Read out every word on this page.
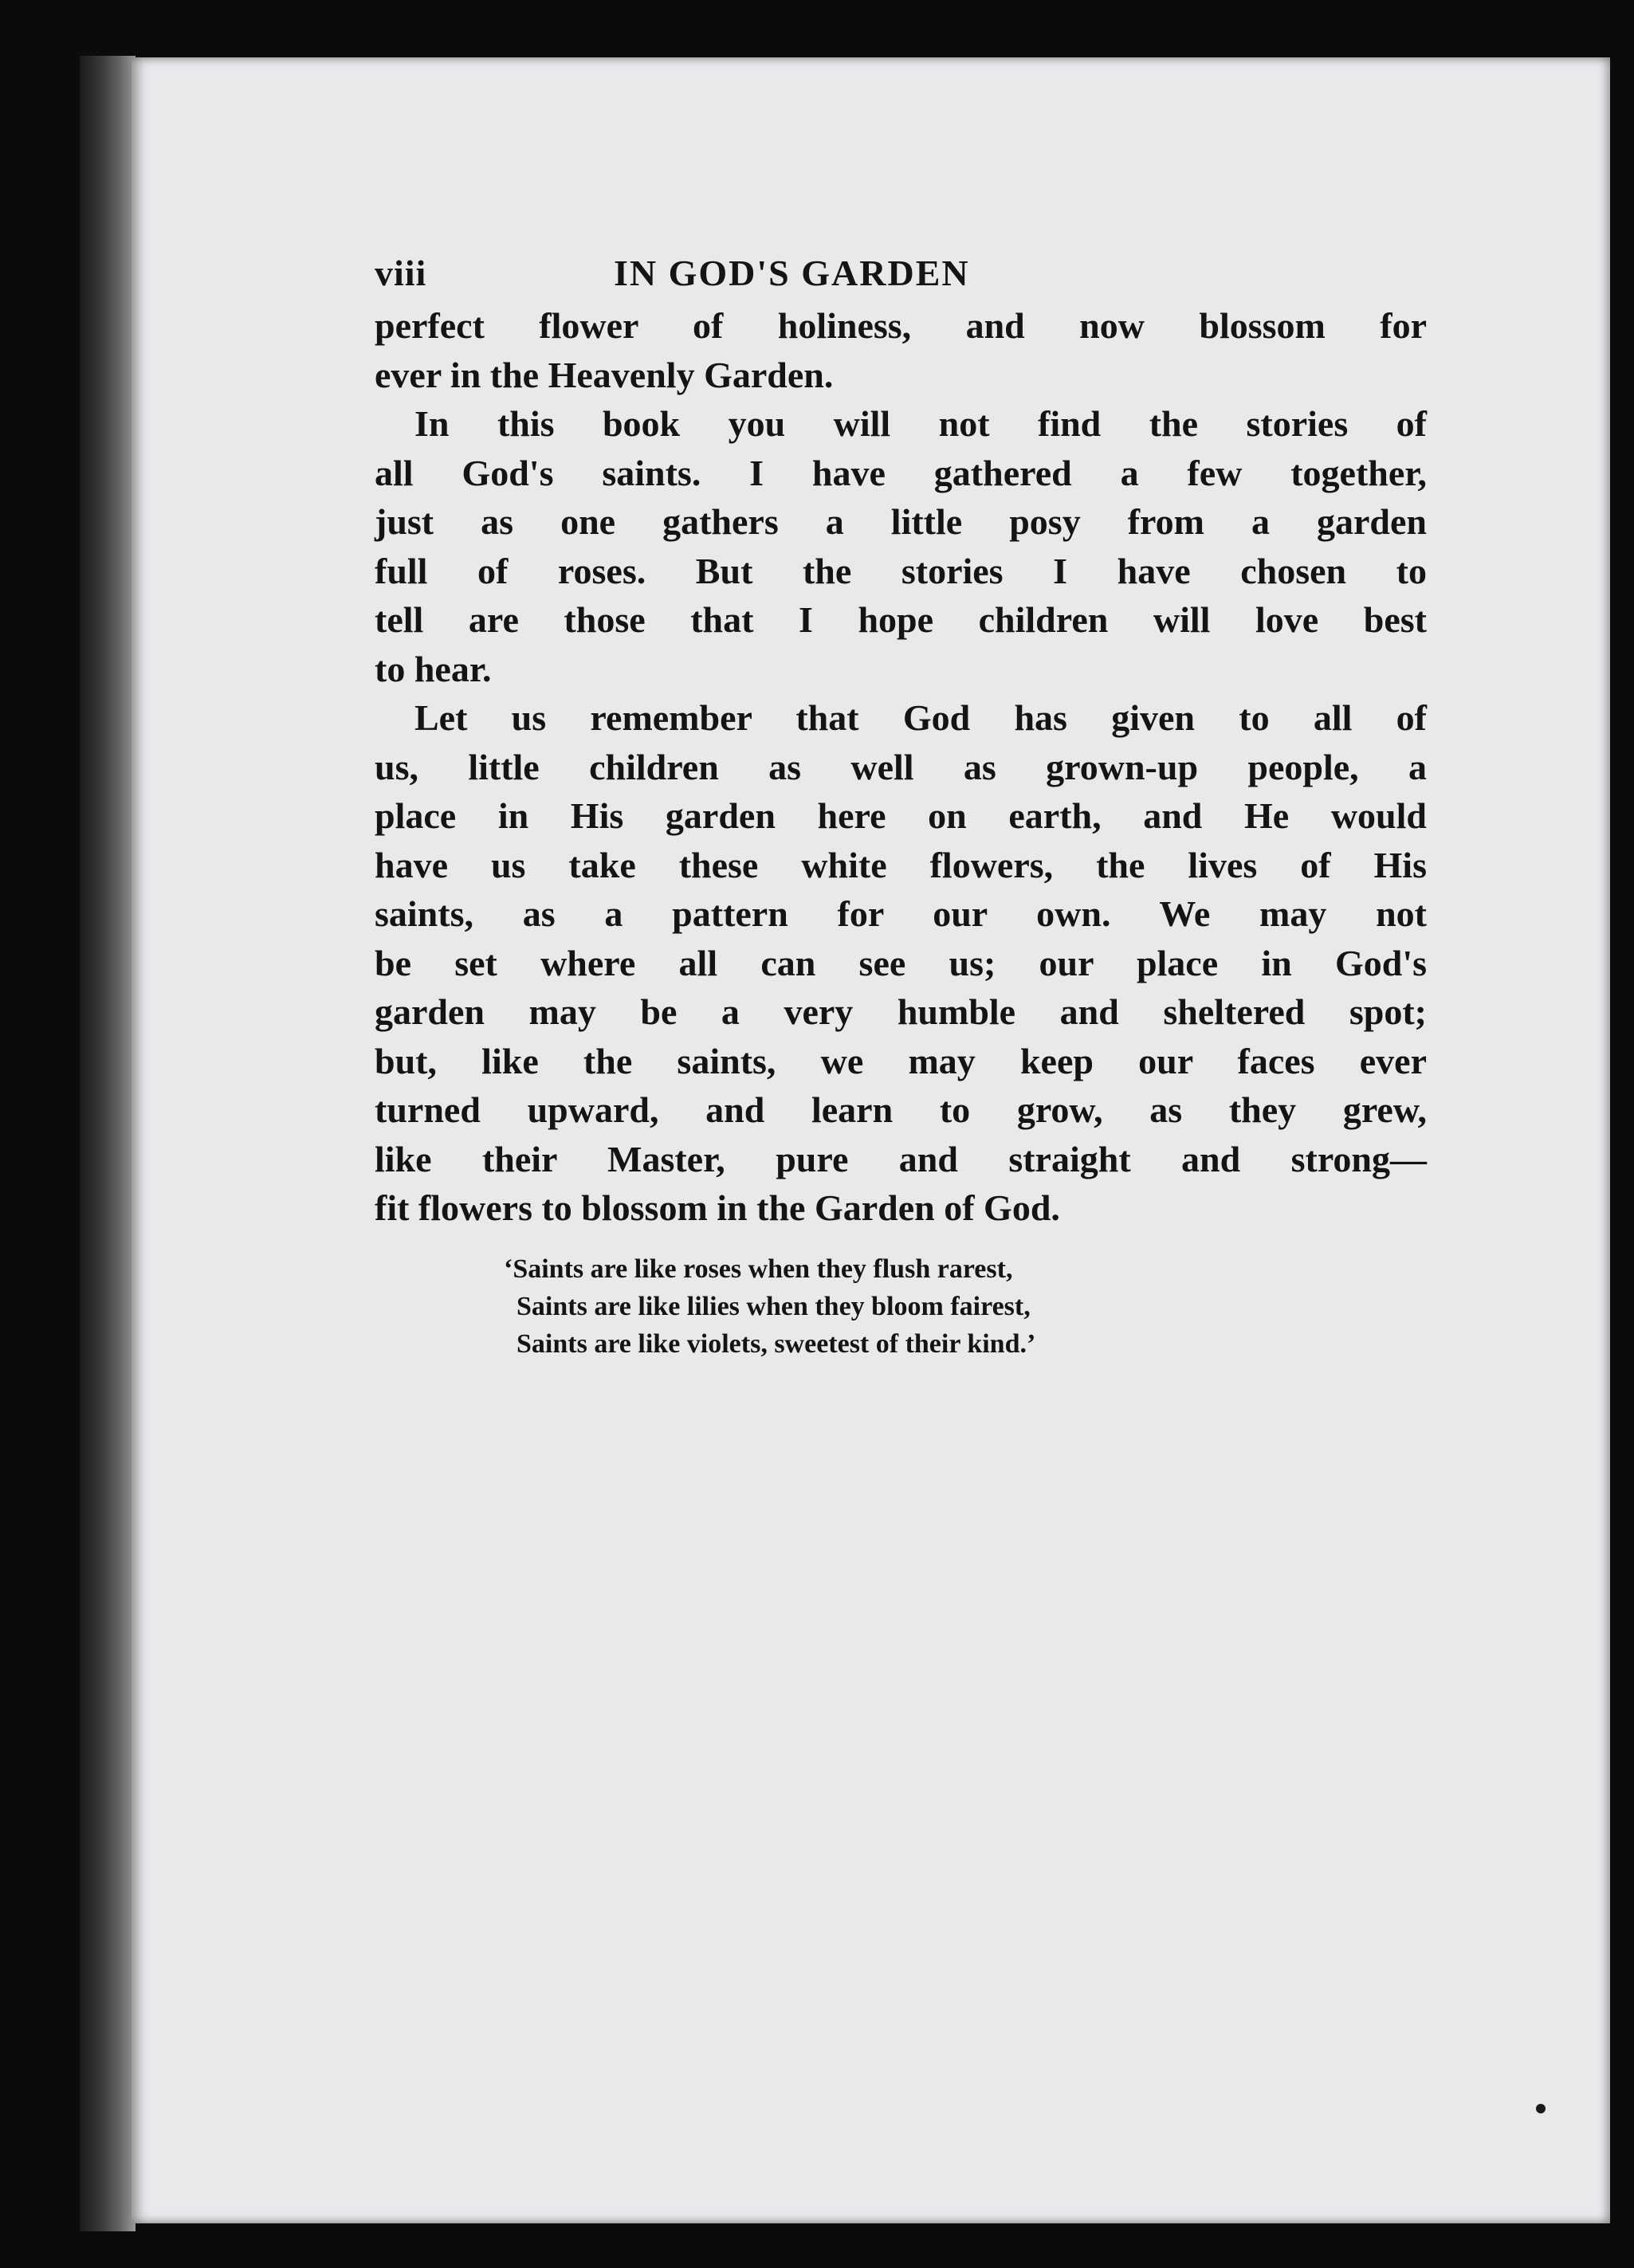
viii	IN GOD'S GARDEN
perfect flower of holiness, and now blossom for
ever in the Heavenly Garden.
In this book you will not find the stories of
all God's saints. I have gathered a few together,
just as one gathers a little posy from a garden
full of roses. But the stories I have chosen to
tell are those that I hope children will love best
to hear.
Let us remember that God has given to all of
us, little children as well as grown-up people, a
place in His garden here on earth, and He would
have us take these white flowers, the lives of His
saints, as a pattern for our own. We may not
be set where all can see us; our place in God's
garden may be a very humble and sheltered spot;
but, like the saints, we may keep our faces ever
turned upward, and learn to grow, as they grew,
like their Master, pure and straight and strong—
fit flowers to blossom in the Garden of God.
‘Saints are like roses when they flush rarest,
Saints are like lilies when they bloom fairest,
Saints are like violets, sweetest of their kind.’
